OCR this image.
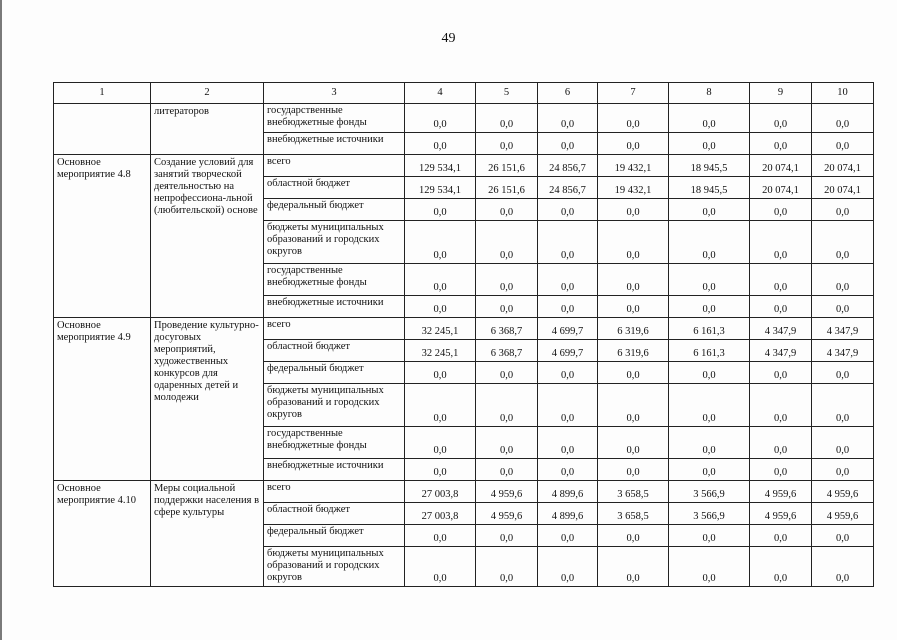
49
1	2	3	4	5	6	7	8	9	10
	литераторов	государственные внебюджетные фонды	0,0	0,0	0,0	0,0	0,0	0,0	0,0
		внебюджетные источники	0,0	0,0	0,0	0,0	0,0	0,0	0,0
Основное мероприятие 4.8	Создание условий для занятий творческой деятельностью на непрофессиона-льной (любительской) основе	всего	129 534,1	26 151,6	24 856,7	19 432,1	18 945,5	20 074,1	20 074,1
		областной бюджет	129 534,1	26 151,6	24 856,7	19 432,1	18 945,5	20 074,1	20 074,1
		федеральный бюджет	0,0	0,0	0,0	0,0	0,0	0,0	0,0
		бюджеты муниципальных образований и городских округов	0,0	0,0	0,0	0,0	0,0	0,0	0,0
		государственные внебюджетные фонды	0,0	0,0	0,0	0,0	0,0	0,0	0,0
		внебюджетные источники	0,0	0,0	0,0	0,0	0,0	0,0	0,0
Основное мероприятие 4.9	Проведение культурно-досуговых мероприятий, художественных конкурсов для одаренных детей и молодежи	всего	32 245,1	6 368,7	4 699,7	6 319,6	6 161,3	4 347,9	4 347,9
		областной бюджет	32 245,1	6 368,7	4 699,7	6 319,6	6 161,3	4 347,9	4 347,9
		федеральный бюджет	0,0	0,0	0,0	0,0	0,0	0,0	0,0
		бюджеты муниципальных образований и городских округов	0,0	0,0	0,0	0,0	0,0	0,0	0,0
		государственные внебюджетные фонды	0,0	0,0	0,0	0,0	0,0	0,0	0,0
		внебюджетные источники	0,0	0,0	0,0	0,0	0,0	0,0	0,0
Основное мероприятие 4.10	Меры социальной поддержки населения в сфере культуры	всего	27 003,8	4 959,6	4 899,6	3 658,5	3 566,9	4 959,6	4 959,6
		областной бюджет	27 003,8	4 959,6	4 899,6	3 658,5	3 566,9	4 959,6	4 959,6
		федеральный бюджет	0,0	0,0	0,0	0,0	0,0	0,0	0,0
		бюджеты муниципальных образований и городских округов	0,0	0,0	0,0	0,0	0,0	0,0	0,0
